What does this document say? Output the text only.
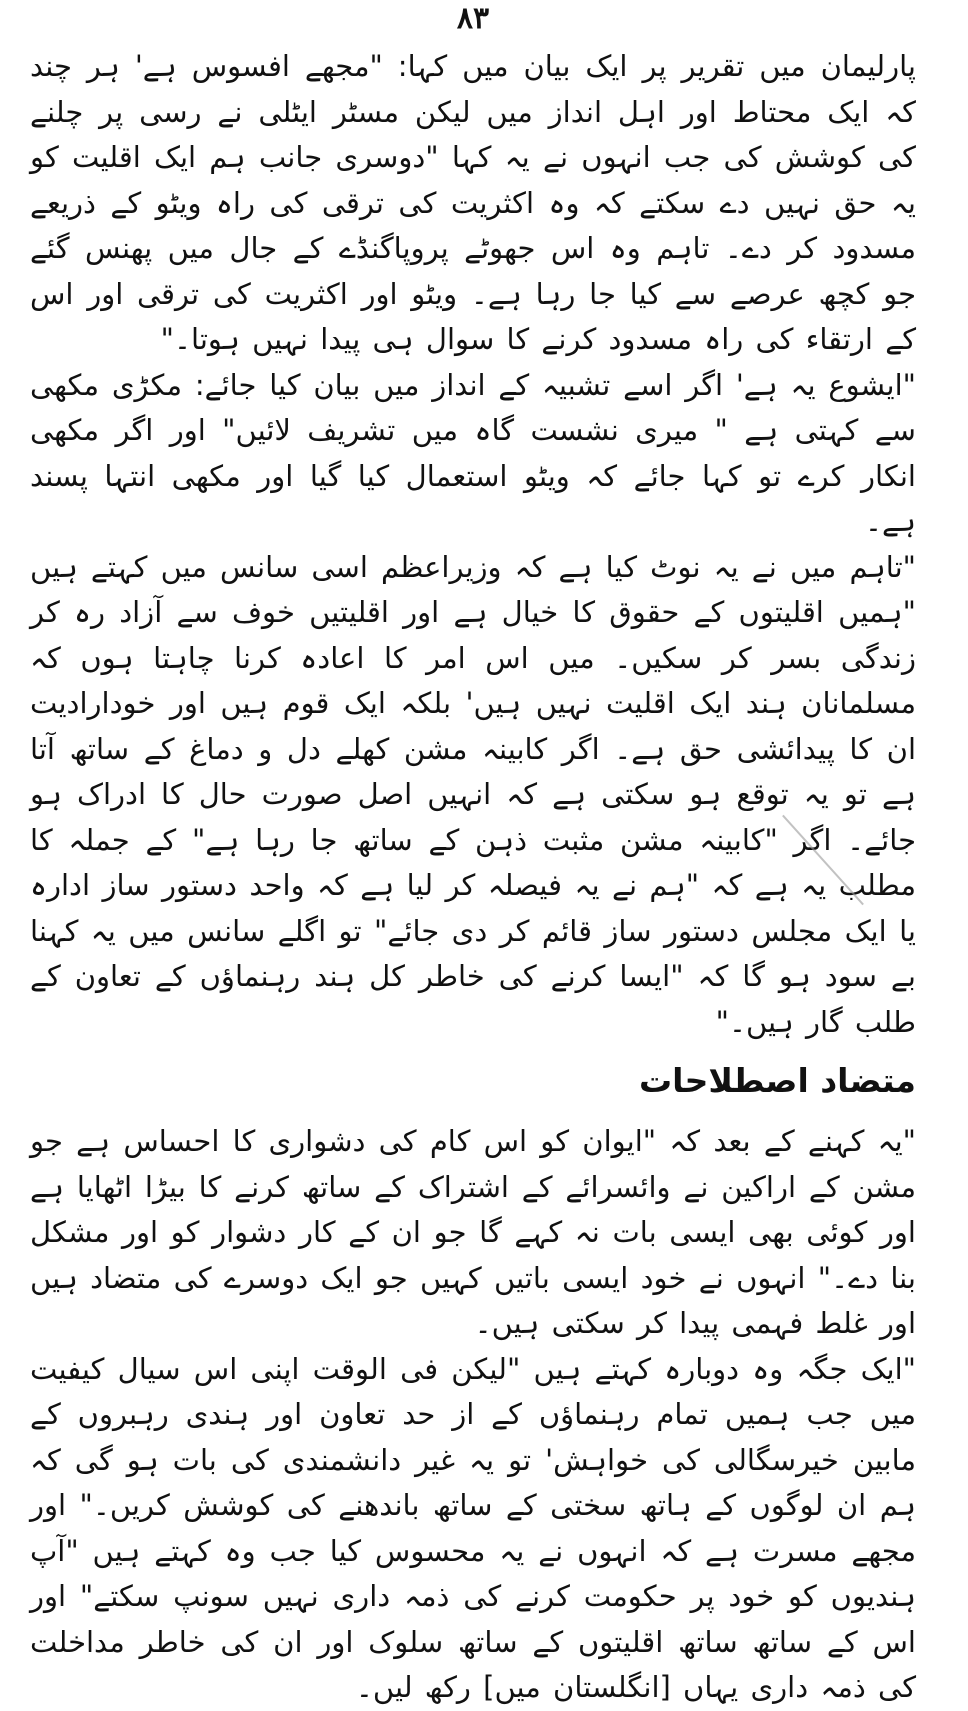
۸۳

پارلیمان میں تقریر پر ایک بیان میں کہا: "مجھے افسوس ہے' ہر چند کہ ایک محتاط اور اہل انداز میں لیکن مسٹر ایٹلی نے رسی پر چلنے کی کوشش کی جب انہوں نے یہ کہا "دوسری جانب ہم ایک اقلیت کو یہ حق نہیں دے سکتے کہ وہ اکثریت کی ترقی کی راہ ویٹو کے ذریعے مسدود کر دے۔ تاہم وہ اس جھوٹے پروپاگنڈے کے جال میں پھنس گئے جو کچھ عرصے سے کیا جا رہا ہے۔ ویٹو اور اکثریت کی ترقی اور اس کے ارتقاء کی راہ مسدود کرنے کا سوال ہی پیدا نہیں ہوتا۔"

"ایشوع یہ ہے' اگر اسے تشبیہ کے انداز میں بیان کیا جائے: مکڑی مکھی سے کہتی ہے " میری نشست گاہ میں تشریف لائیں" اور اگر مکھی انکار کرے تو کہا جائے کہ ویٹو استعمال کیا گیا اور مکھی انتہا پسند ہے۔

"تاہم میں نے یہ نوٹ کیا ہے کہ وزیراعظم اسی سانس میں کہتے ہیں "ہمیں اقلیتوں کے حقوق کا خیال ہے اور اقلیتیں خوف سے آزاد رہ کر زندگی بسر کر سکیں۔ میں اس امر کا اعادہ کرنا چاہتا ہوں کہ مسلمانان ہند ایک اقلیت نہیں ہیں' بلکہ ایک قوم ہیں اور خودارادیت ان کا پیدائشی حق ہے۔ اگر کابینہ مشن کھلے دل و دماغ کے ساتھ آتا ہے تو یہ توقع ہو سکتی ہے کہ انہیں اصل صورت حال کا ادراک ہو جائے۔ اگر "کابینہ مشن مثبت ذہن کے ساتھ جا رہا ہے" کے جملہ کا مطلب یہ ہے کہ "ہم نے یہ فیصلہ کر لیا ہے کہ واحد دستور ساز ادارہ یا ایک مجلس دستور ساز قائم کر دی جائے" تو اگلے سانس میں یہ کہنا بے سود ہو گا کہ "ایسا کرنے کی خاطر کل ہند رہنماؤں کے تعاون کے طلب گار ہیں۔"

متضاد اصطلاحات

"یہ کہنے کے بعد کہ "ایوان کو اس کام کی دشواری کا احساس ہے جو مشن کے اراکین نے وائسرائے کے اشتراک کے ساتھ کرنے کا بیڑا اٹھایا ہے اور کوئی بھی ایسی بات نہ کہے گا جو ان کے کار دشوار کو اور مشکل بنا دے۔" انہوں نے خود ایسی باتیں کہیں جو ایک دوسرے کی متضاد ہیں اور غلط فہمی پیدا کر سکتی ہیں۔

"ایک جگہ وہ دوبارہ کہتے ہیں "لیکن فی الوقت اپنی اس سیال کیفیت میں جب ہمیں تمام رہنماؤں کے از حد تعاون اور ہندی رہبروں کے مابین خیرسگالی کی خواہش' تو یہ غیر دانشمندی کی بات ہو گی کہ ہم ان لوگوں کے ہاتھ سختی کے ساتھ باندھنے کی کوشش کریں۔" اور مجھے مسرت ہے کہ انہوں نے یہ محسوس کیا جب وہ کہتے ہیں "آپ ہندیوں کو خود پر حکومت کرنے کی ذمہ داری نہیں سونپ سکتے" اور اس کے ساتھ ساتھ اقلیتوں کے ساتھ سلوک اور ان کی خاطر مداخلت کی ذمہ داری یہاں [انگلستان میں] رکھ لیں۔
